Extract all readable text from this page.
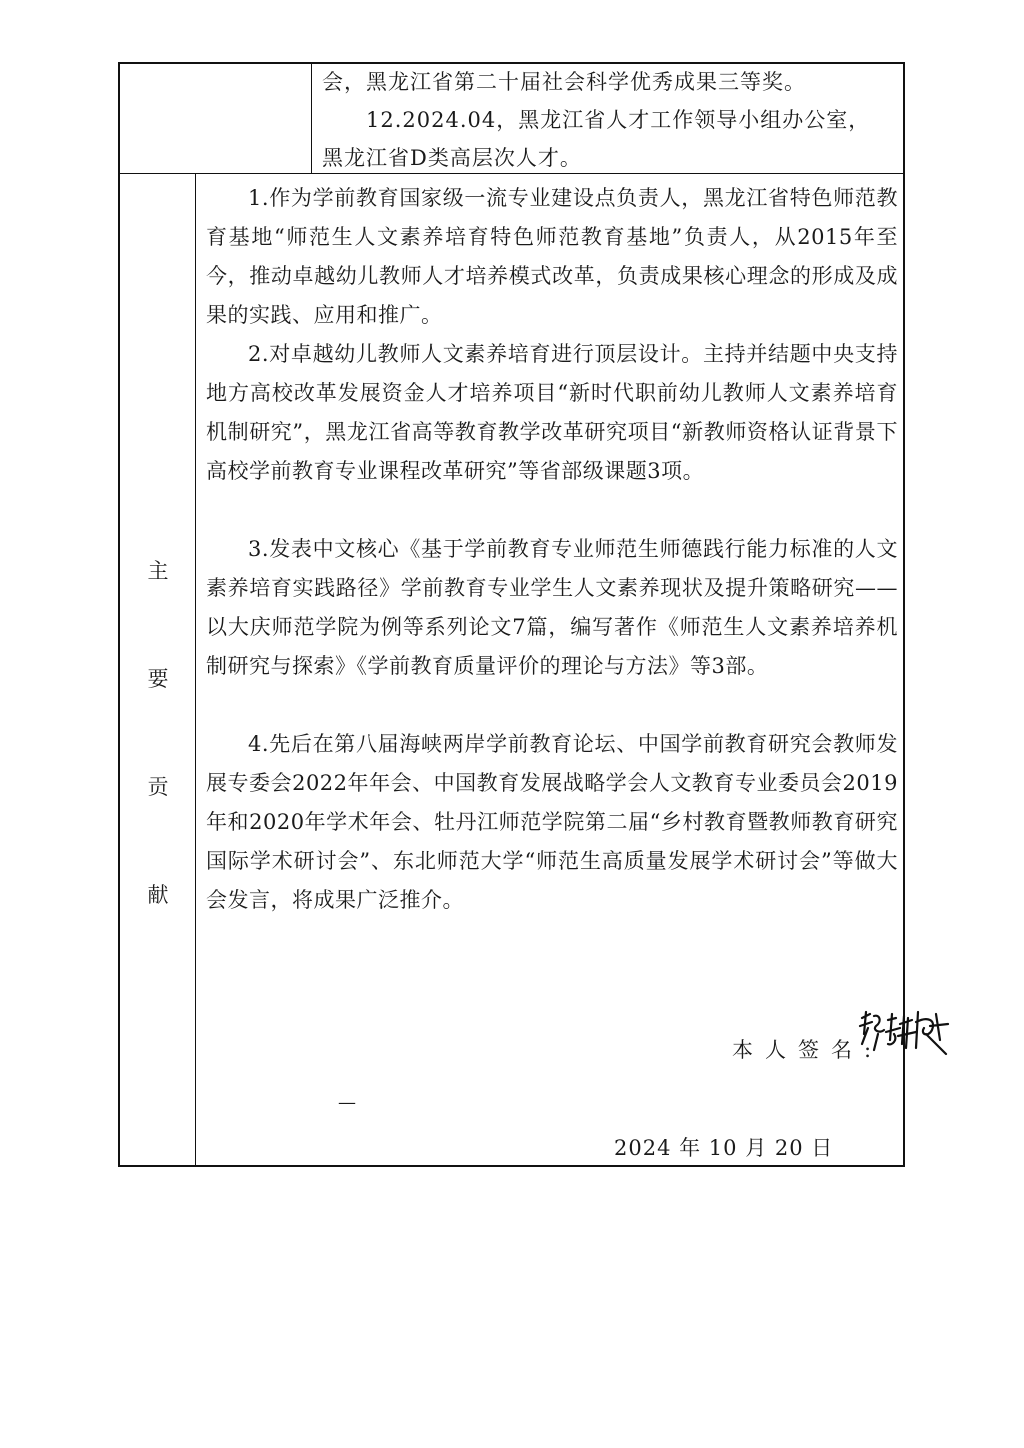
会，黑龙江省第二十届社会科学优秀成果三等奖。
12.2024.04，黑龙江省人才工作领导小组办公室，
黑龙江省D类高层次人才。
主
要
贡
献
1.作为学前教育国家级一流专业建设点负责人，黑龙江省特色师范教育基地“师范生人文素养培育特色师范教育基地”负责人，从2015年至今，推动卓越幼儿教师人才培养模式改革，负责成果核心理念的形成及成果的实践、应用和推广。
2.对卓越幼儿教师人文素养培育进行顶层设计。主持并结题中央支持地方高校改革发展资金人才培养项目“新时代职前幼儿教师人文素养培育机制研究”，黑龙江省高等教育教学改革研究项目“新教师资格认证背景下高校学前教育专业课程改革研究”等省部级课题3项。
3.发表中文核心《基于学前教育专业师范生师德践行能力标准的人文素养培育实践路径》学前教育专业学生人文素养现状及提升策略研究——以大庆师范学院为例等系列论文7篇，编写著作《师范生人文素养培养机制研究与探索》《学前教育质量评价的理论与方法》等3部。
4.先后在第八届海峡两岸学前教育论坛、中国学前教育研究会教师发展专委会2022年年会、中国教育发展战略学会人文教育专业委员会2019年和2020年学术年会、牡丹江师范学院第二届“乡村教育暨教师教育研究国际学术研讨会”、东北师范大学“师范生高质量发展学术研讨会”等做大会发言，将成果广泛推介。
本人签名:
—
2024 年 10 月 20 日
